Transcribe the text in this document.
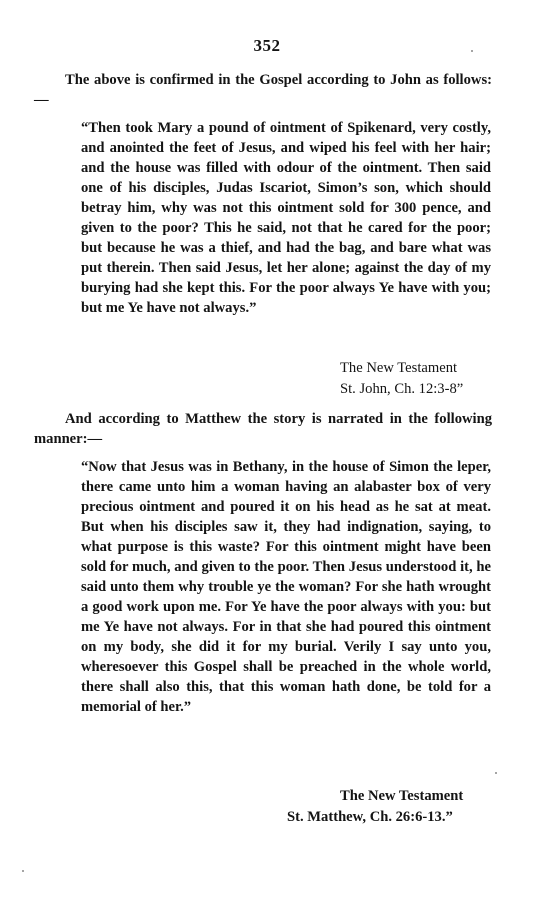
352

The above is confirmed in the Gospel according to John as follows:—

“Then took Mary a pound of ointment of Spikenard, very costly, and anointed the feet of Jesus, and wiped his feel with her hair; and the house was filled with odour of the ointment. Then said one of his disciples, Judas Iscariot, Simon’s son, which should betray him, why was not this ointment sold for 300 pence, and given to the poor? This he said, not that he cared for the poor; but because he was a thief, and had the bag, and bare what was put therein. Then said Jesus, let her alone; against the day of my burying had she kept this. For the poor always Ye have with you; but me Ye have not always.”

The New Testament
St. John, Ch. 12:3-8”

And according to Matthew the story is narrated in the following manner:—

“Now that Jesus was in Bethany, in the house of Simon the leper, there came unto him a woman having an alabaster box of very precious ointment and poured it on his head as he sat at meat. But when his disciples saw it, they had indignation, saying, to what purpose is this waste? For this ointment might have been sold for much, and given to the poor. Then Jesus understood it, he said unto them why trouble ye the woman? For she hath wrought a good work upon me. For Ye have the poor always with you: but me Ye have not always. For in that she had poured this ointment on my body, she did it for my burial. Verily I say unto you, wheresoever this Gospel shall be preached in the whole world, there shall also this, that this woman hath done, be told for a memorial of her.”

The New Testament
St. Matthew, Ch. 26:6-13.”
